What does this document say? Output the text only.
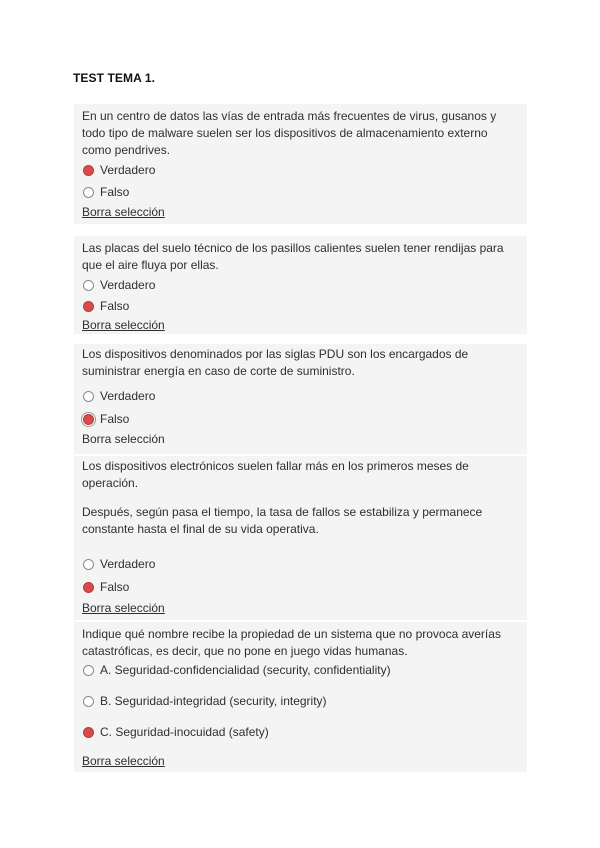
TEST TEMA 1.

En un centro de datos las vías de entrada más frecuentes de virus, gusanos y
todo tipo de malware suelen ser los dispositivos de almacenamiento externo
como pendrives.

Verdadero
Falso
Borra selección

Las placas del suelo técnico de los pasillos calientes suelen tener rendijas para
que el aire fluya por ellas.

Verdadero
Falso
Borra selección

Los dispositivos denominados por las siglas PDU son los encargados de
suministrar energía en caso de corte de suministro.

Verdadero
Falso
Borra selección

Los dispositivos electrónicos suelen fallar más en los primeros meses de
operación.

Después, según pasa el tiempo, la tasa de fallos se estabiliza y permanece
constante hasta el final de su vida operativa.

Verdadero
Falso
Borra selección

Indique qué nombre recibe la propiedad de un sistema que no provoca averías
catastróficas, es decir, que no pone en juego vidas humanas.

A. Seguridad-confidencialidad (security, confidentiality)
B. Seguridad-integridad (security, integrity)
C. Seguridad-inocuidad (safety)
Borra selección
